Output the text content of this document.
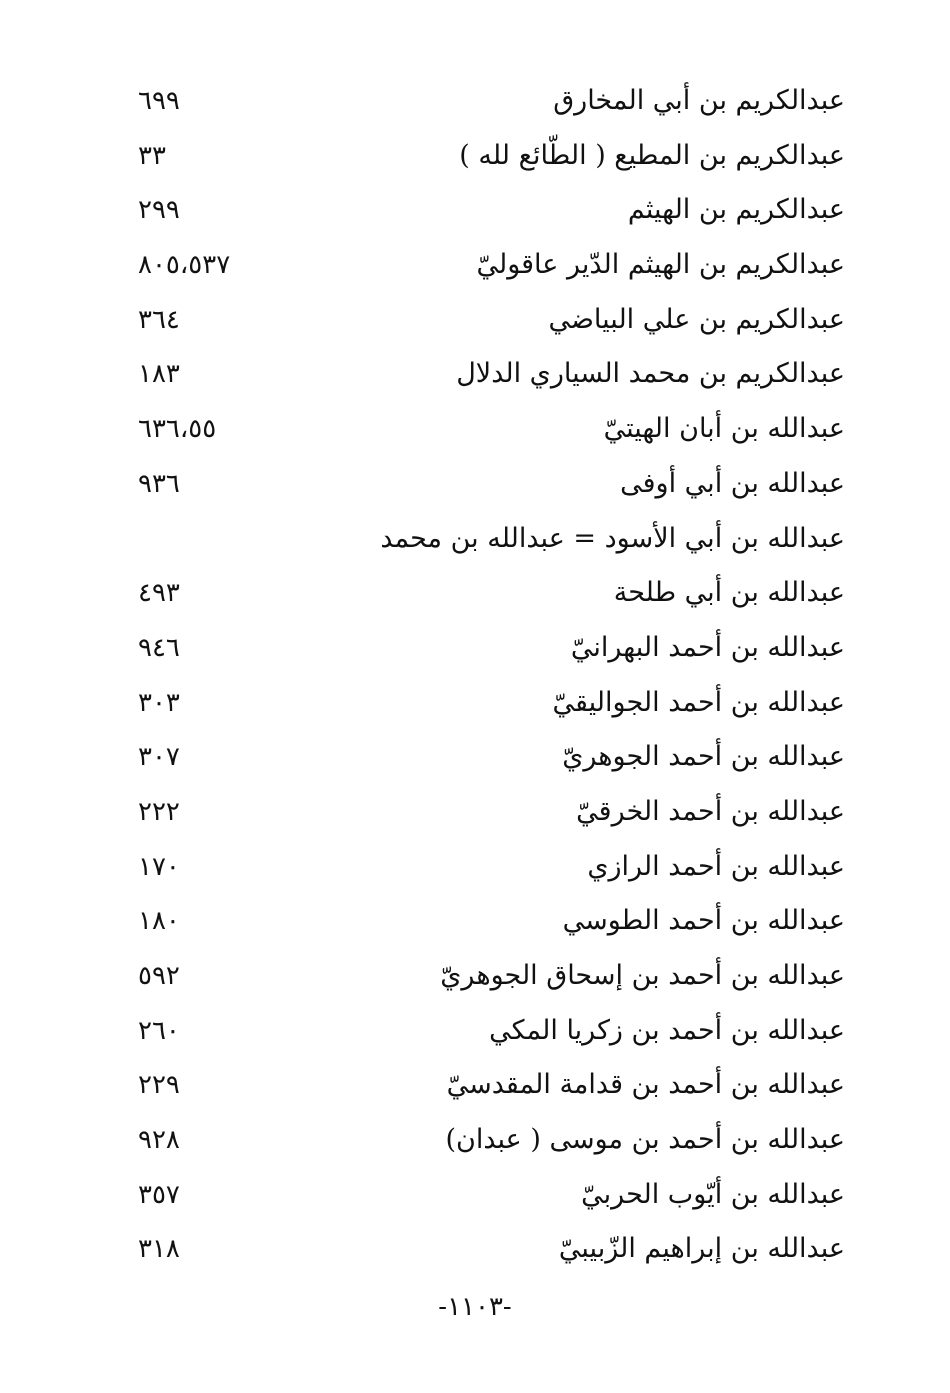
عبدالكريم بن أبي المخارق
٦٩٩
عبدالكريم بن المطيع ( الطّائع لله )
٣٣
عبدالكريم بن الهيثم
٢٩٩
عبدالكريم بن الهيثم الدّير عاقوليّ
٨٠٥،٥٣٧
عبدالكريم بن علي البياضي
٣٦٤
عبدالكريم بن محمد السياري الدلال
١٨٣
عبدالله بن أبان الهيتيّ
٦٣٦،٥٥
عبدالله بن أبي أوفى
٩٣٦
عبدالله بن أبي الأسود = عبدالله بن محمد
عبدالله بن أبي طلحة
٤٩٣
عبدالله بن أحمد البهرانيّ
٩٤٦
عبدالله بن أحمد الجواليقيّ
٣٠٣
عبدالله بن أحمد الجوهريّ
٣٠٧
عبدالله بن أحمد الخرقيّ
٢٢٢
عبدالله بن أحمد الرازي
١٧٠
عبدالله بن أحمد الطوسي
١٨٠
عبدالله بن أحمد بن إسحاق الجوهريّ
٥٩٢
عبدالله بن أحمد بن زكريا المكي
٢٦٠
عبدالله بن أحمد بن قدامة المقدسيّ
٢٢٩
عبدالله بن أحمد بن موسى ( عبدان)
٩٢٨
عبدالله بن أيّوب الحربيّ
٣٥٧
عبدالله بن إبراهيم الزّبيبيّ
٣١٨
-١١٠٣-
